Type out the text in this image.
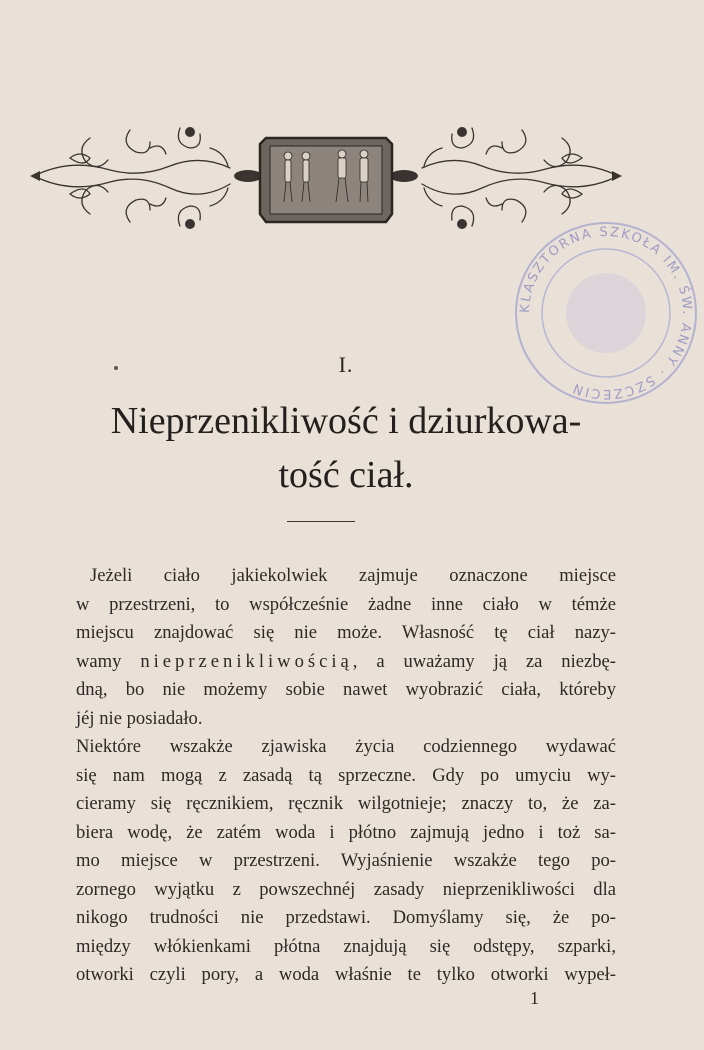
KLASZTORNA SZKOŁA IM. ŚW. ANNY · SZCZECIN
I.
Nieprzenikliwość i dziurkowa-
tość ciał.
Jeżeli ciało jakiekolwiek zajmuje oznaczone miejsce
w przestrzeni, to współcześnie żadne inne ciało w témże
miejscu znajdować się nie może. Własność tę ciał nazy-
wamy nieprzenikliwością, a uważamy ją za niezbę-
dną, bo nie możemy sobie nawet wyobrazić ciała, któreby
jéj nie posiadało.
Niektóre wszakże zjawiska życia codziennego wydawać
się nam mogą z zasadą tą sprzeczne. Gdy po umyciu wy-
cieramy się ręcznikiem, ręcznik wilgotnieje; znaczy to, że za-
biera wodę, że zatém woda i płótno zajmują jedno i toż sa-
mo miejsce w przestrzeni. Wyjaśnienie wszakże tego po-
zornego wyjątku z powszechnéj zasady nieprzenikliwości dla
nikogo trudności nie przedstawi. Domyślamy się, że po-
między włókienkami płótna znajdują się odstępy, szparki,
otworki czyli pory, a woda właśnie te tylko otworki wypeł-
1
